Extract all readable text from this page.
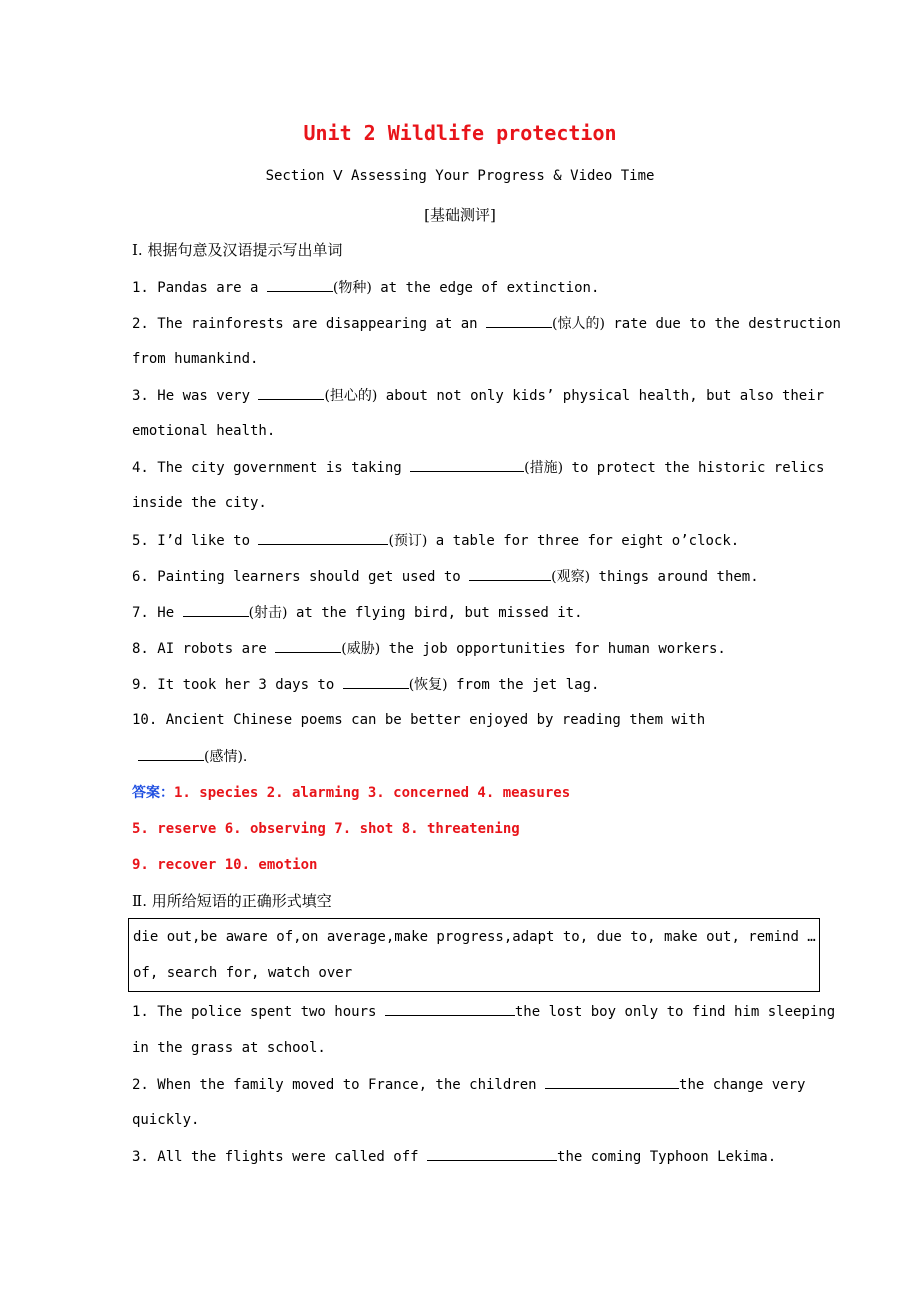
Unit 2 Wildlife protection
Section Ⅴ Assessing Your Progress & Video Time
[基础测评]
Ⅰ. 根据句意及汉语提示写出单词
1. Pandas are a	(物种) at the edge of extinction.
2. The rainforests are disappearing at an	(惊人的) rate due to the destruction
from humankind.
3. He was very	(担心的) about not only kids’ physical health, but also their
emotional health.
4. The city government is taking	(措施) to protect the historic relics
inside the city.
5. I’d like to	(预订) a table for three for eight o’clock.
6. Painting learners should get used to	(观察) things around them.
7. He	(射击) at the flying bird, but missed it.
8. AI robots are	(威胁) the job opportunities for human workers.
9. It took her 3 days to	(恢复) from the jet lag.
10. Ancient Chinese poems can be better enjoyed by reading them with
(感情).
答案：1. species 2. alarming 3. concerned 4. measures
5. reserve 6. observing 7. shot 8. threatening
9. recover 10. emotion
Ⅱ. 用所给短语的正确形式填空
die out,be aware of,on average,make progress,adapt to, due to, make out, remind …
of, search for, watch over
1. The police spent two hours	the lost boy only to find him sleeping
in the grass at school.
2. When the family moved to France, the children	the change very
quickly.
3. All the flights were called off	the coming Typhoon Lekima.
